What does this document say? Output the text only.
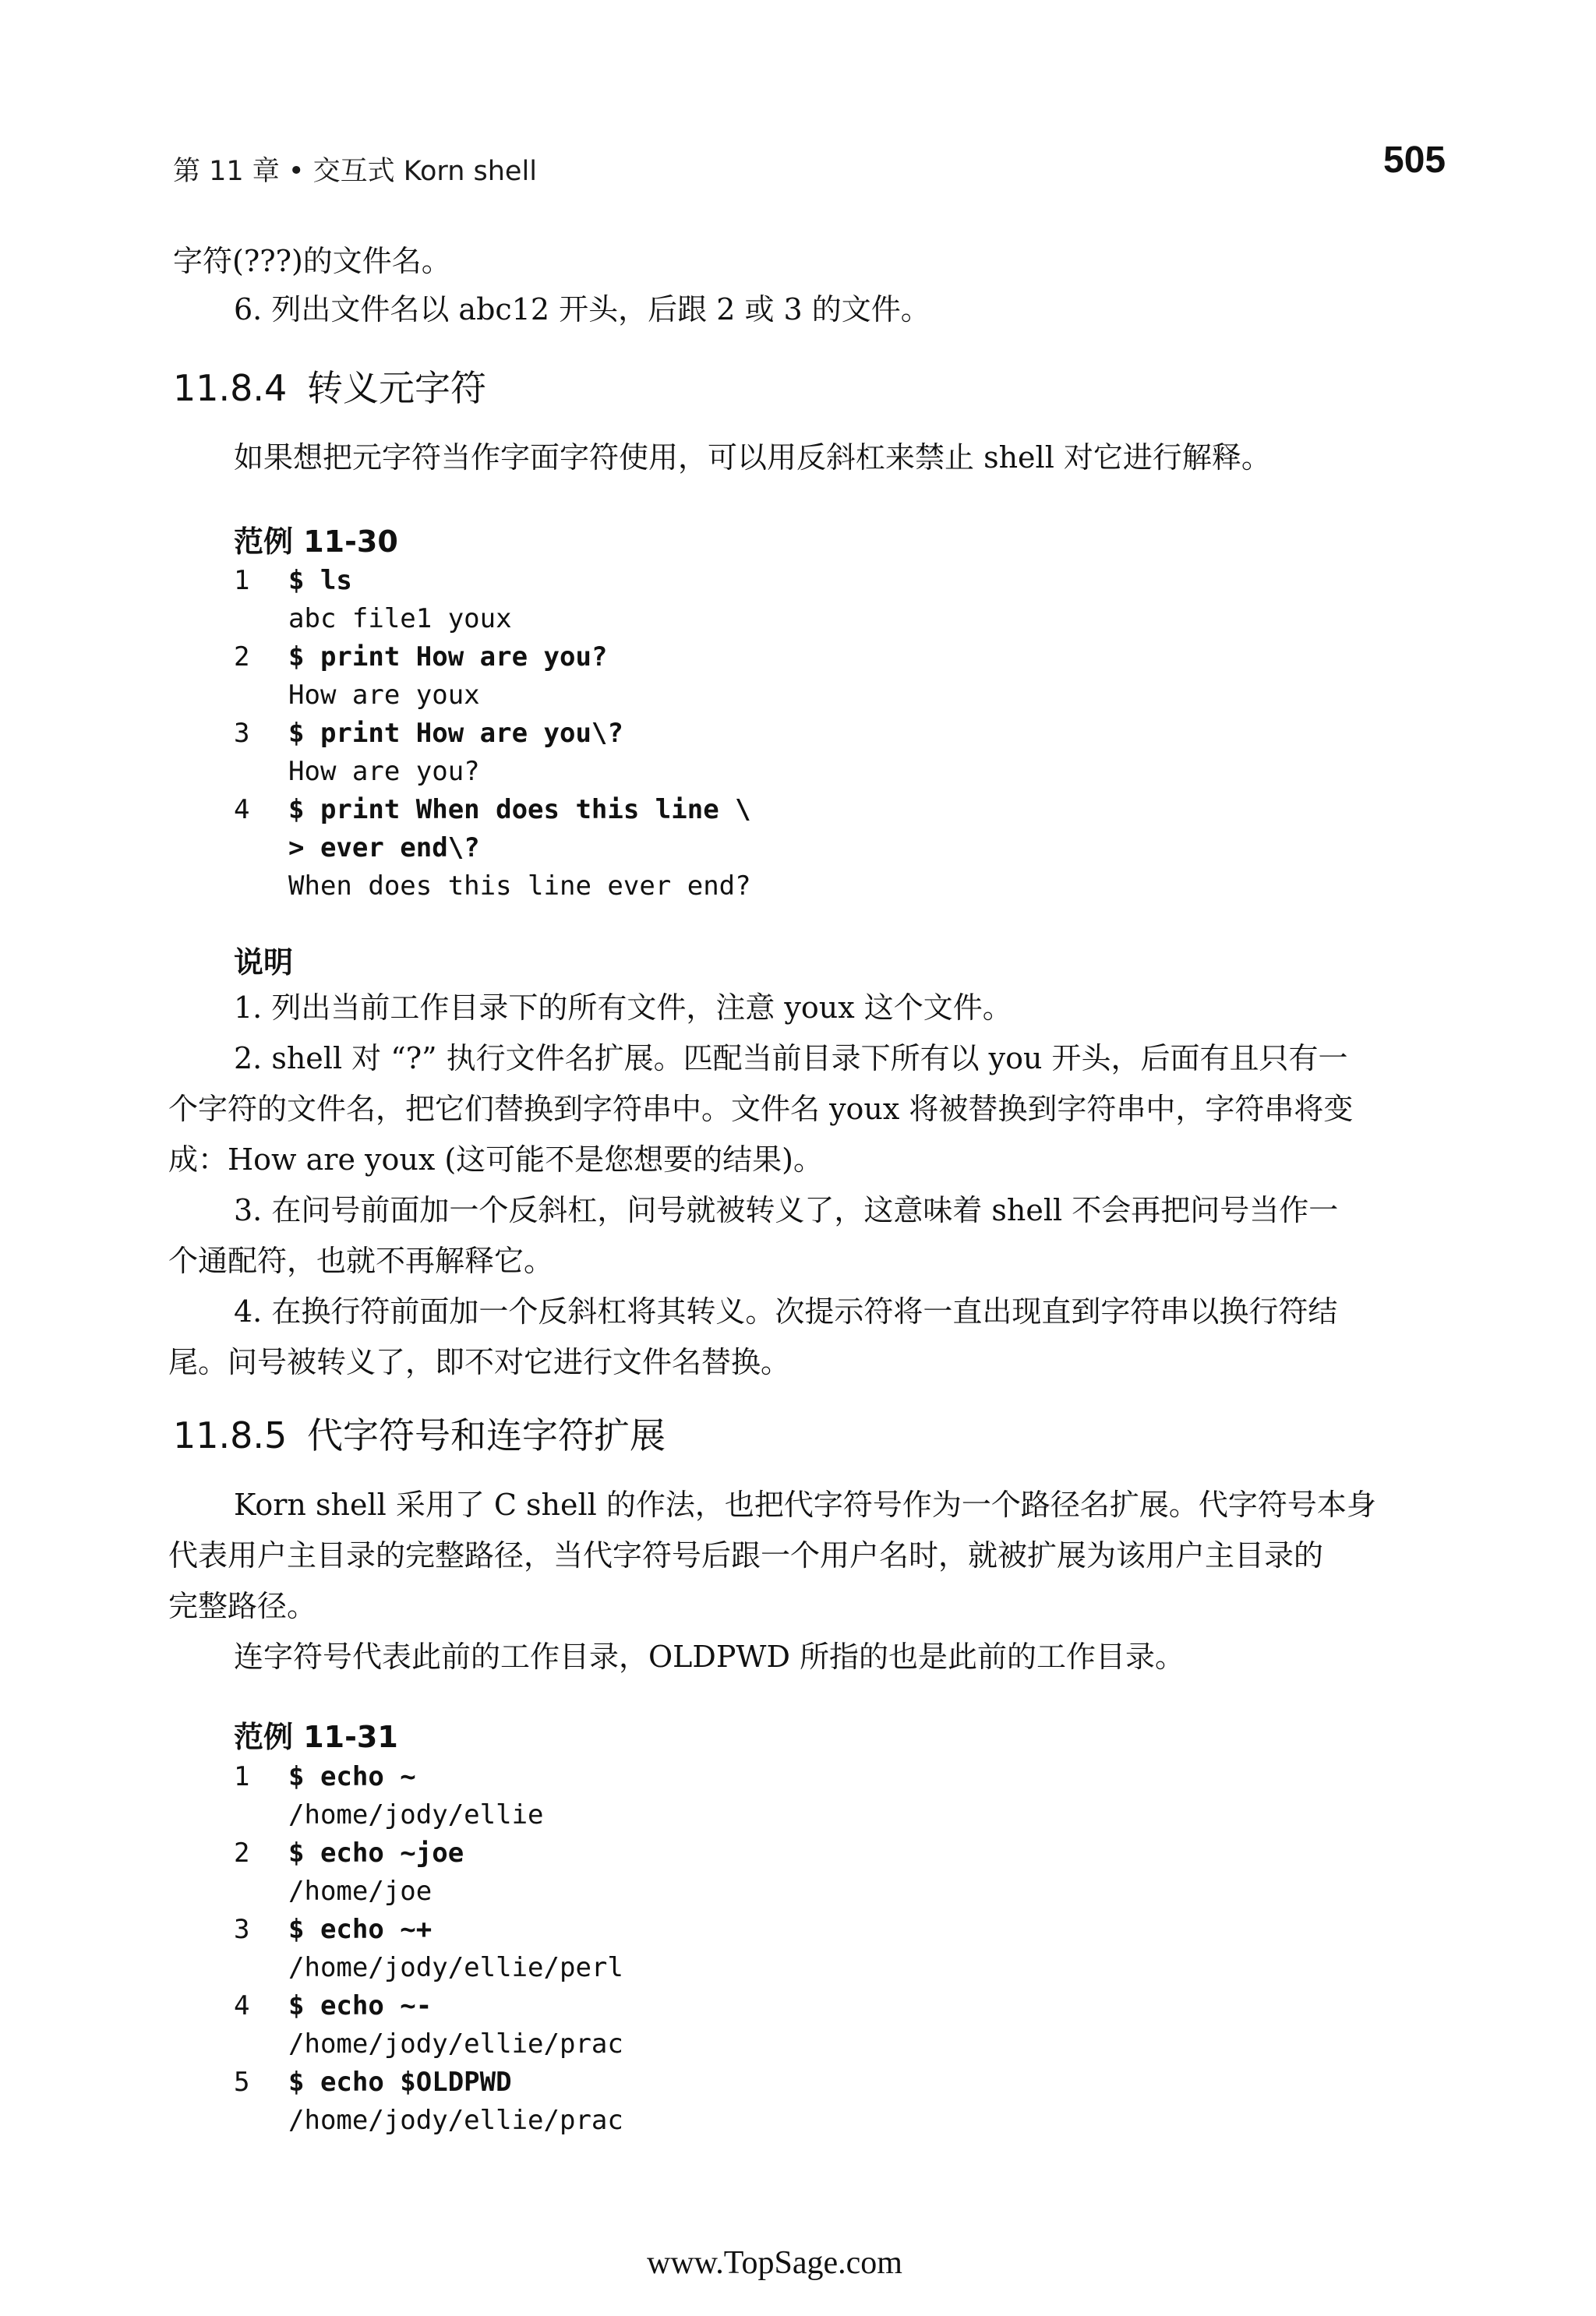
第 11 章 • 交互式 Korn shell	505
字符(???)的文件名。
6. 列出文件名以 abc12 开头，后跟 2 或 3 的文件。
11.8.4 转义元字符
如果想把元字符当作字面字符使用，可以用反斜杠来禁止 shell 对它进行解释。
范例 11-30
1	$ ls
abc file1 youx
2	$ print How are you?
How are youx
3	$ print How are you\?
How are you?
4	$ print When does this line \
> ever end\?
When does this line ever end?
说明
1. 列出当前工作目录下的所有文件，注意 youx 这个文件。
2. shell 对 “?” 执行文件名扩展。匹配当前目录下所有以 you 开头，后面有且只有一
个字符的文件名，把它们替换到字符串中。文件名 youx 将被替换到字符串中，字符串将变
成：How are youx (这可能不是您想要的结果)。
3. 在问号前面加一个反斜杠，问号就被转义了，这意味着 shell 不会再把问号当作一
个通配符，也就不再解释它。
4. 在换行符前面加一个反斜杠将其转义。次提示符将一直出现直到字符串以换行符结
尾。问号被转义了，即不对它进行文件名替换。
11.8.5 代字符号和连字符扩展
Korn shell 采用了 C shell 的作法，也把代字符号作为一个路径名扩展。代字符号本身
代表用户主目录的完整路径，当代字符号后跟一个用户名时，就被扩展为该用户主目录的
完整路径。
连字符号代表此前的工作目录，OLDPWD 所指的也是此前的工作目录。
范例 11-31
1	$ echo ~
/home/jody/ellie
2	$ echo ~joe
/home/joe
3	$ echo ~+
/home/jody/ellie/perl
4	$ echo ~-
/home/jody/ellie/prac
5	$ echo $OLDPWD
/home/jody/ellie/prac
www.TopSage.com
